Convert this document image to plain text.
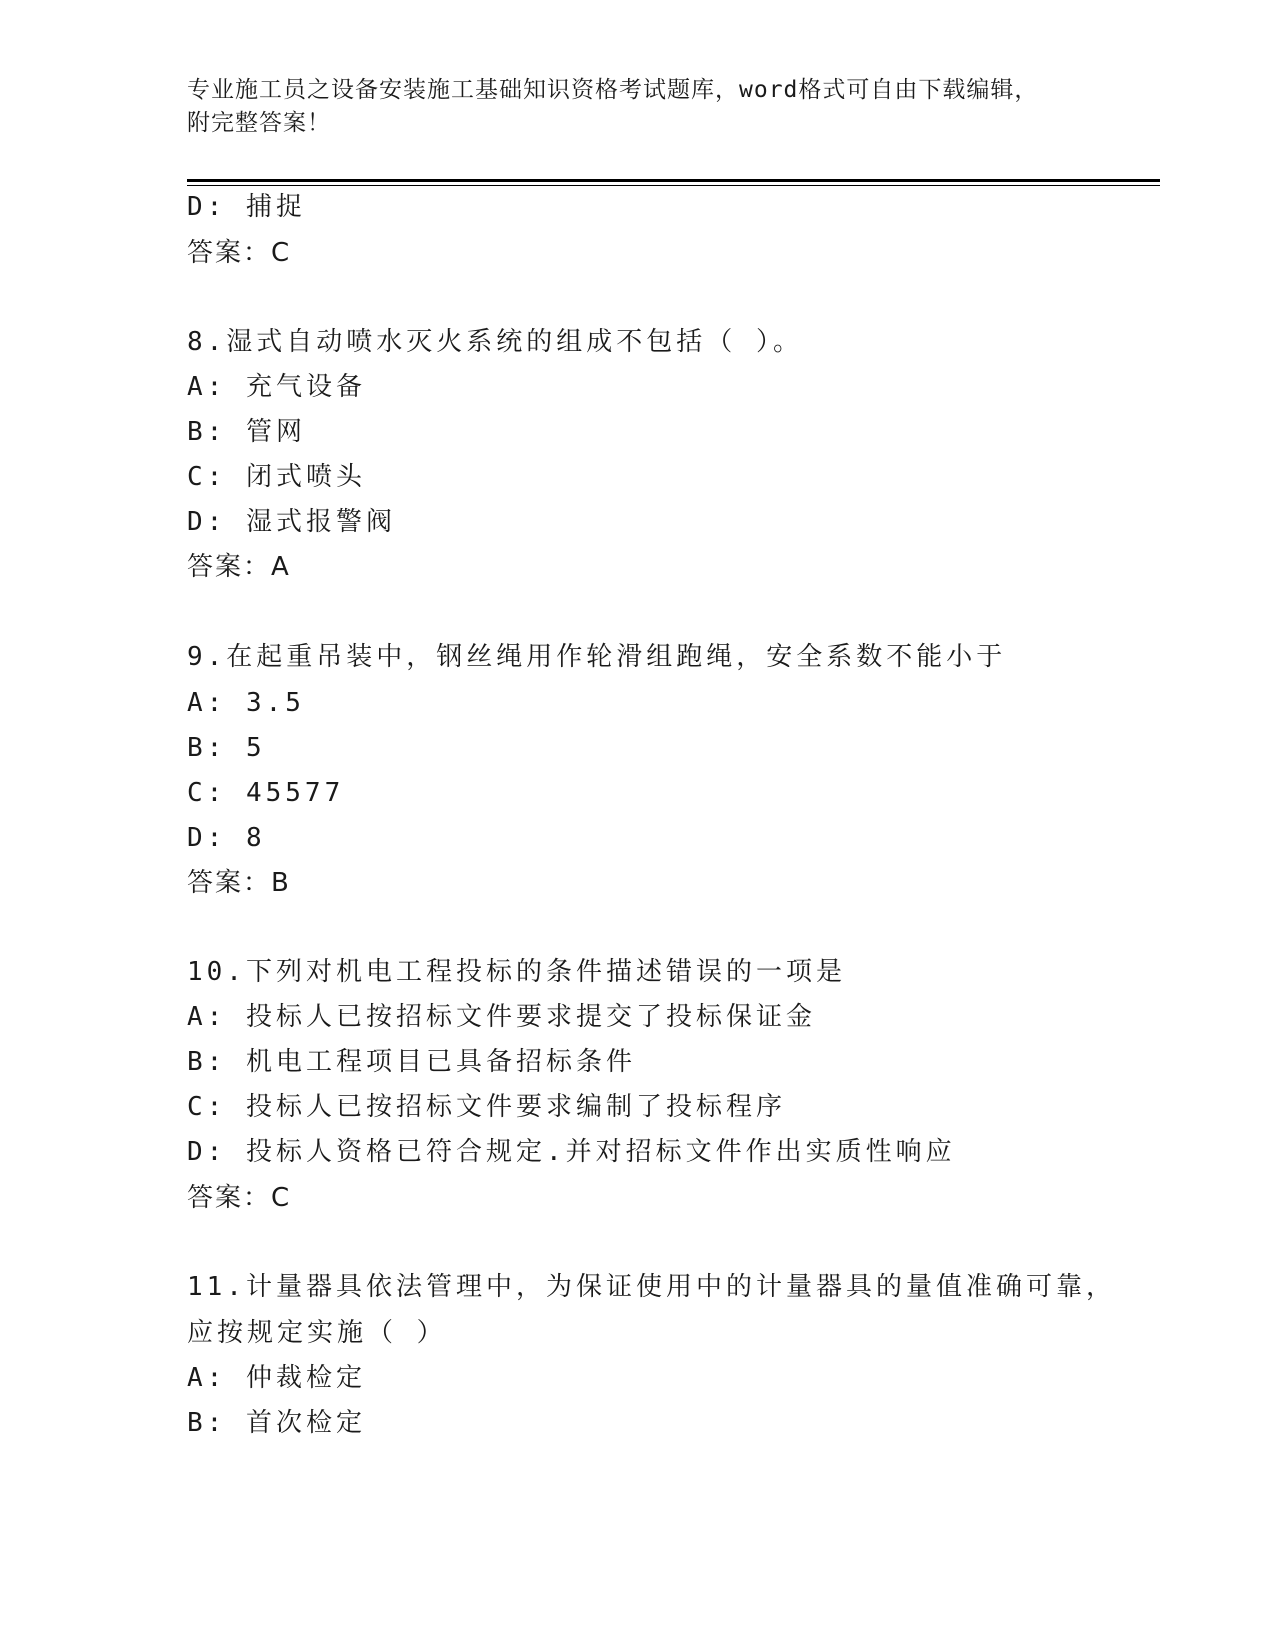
专业施工员之设备安装施工基础知识资格考试题库，word格式可自由下载编辑，
附完整答案！
D: 捕捉
答案：C
8.湿式自动喷水灭火系统的组成不包括（ ）。
A: 充气设备
B: 管网
C: 闭式喷头
D: 湿式报警阀
答案：A
9.在起重吊装中，钢丝绳用作轮滑组跑绳，安全系数不能小于
A: 3.5
B: 5
C: 45577
D: 8
答案：B
10.下列对机电工程投标的条件描述错误的一项是
A: 投标人已按招标文件要求提交了投标保证金
B: 机电工程项目已具备招标条件
C: 投标人已按招标文件要求编制了投标程序
D: 投标人资格已符合规定.并对招标文件作出实质性响应
答案：C
11.计量器具依法管理中，为保证使用中的计量器具的量值准确可靠，
应按规定实施（ ）
A: 仲裁检定
B: 首次检定
